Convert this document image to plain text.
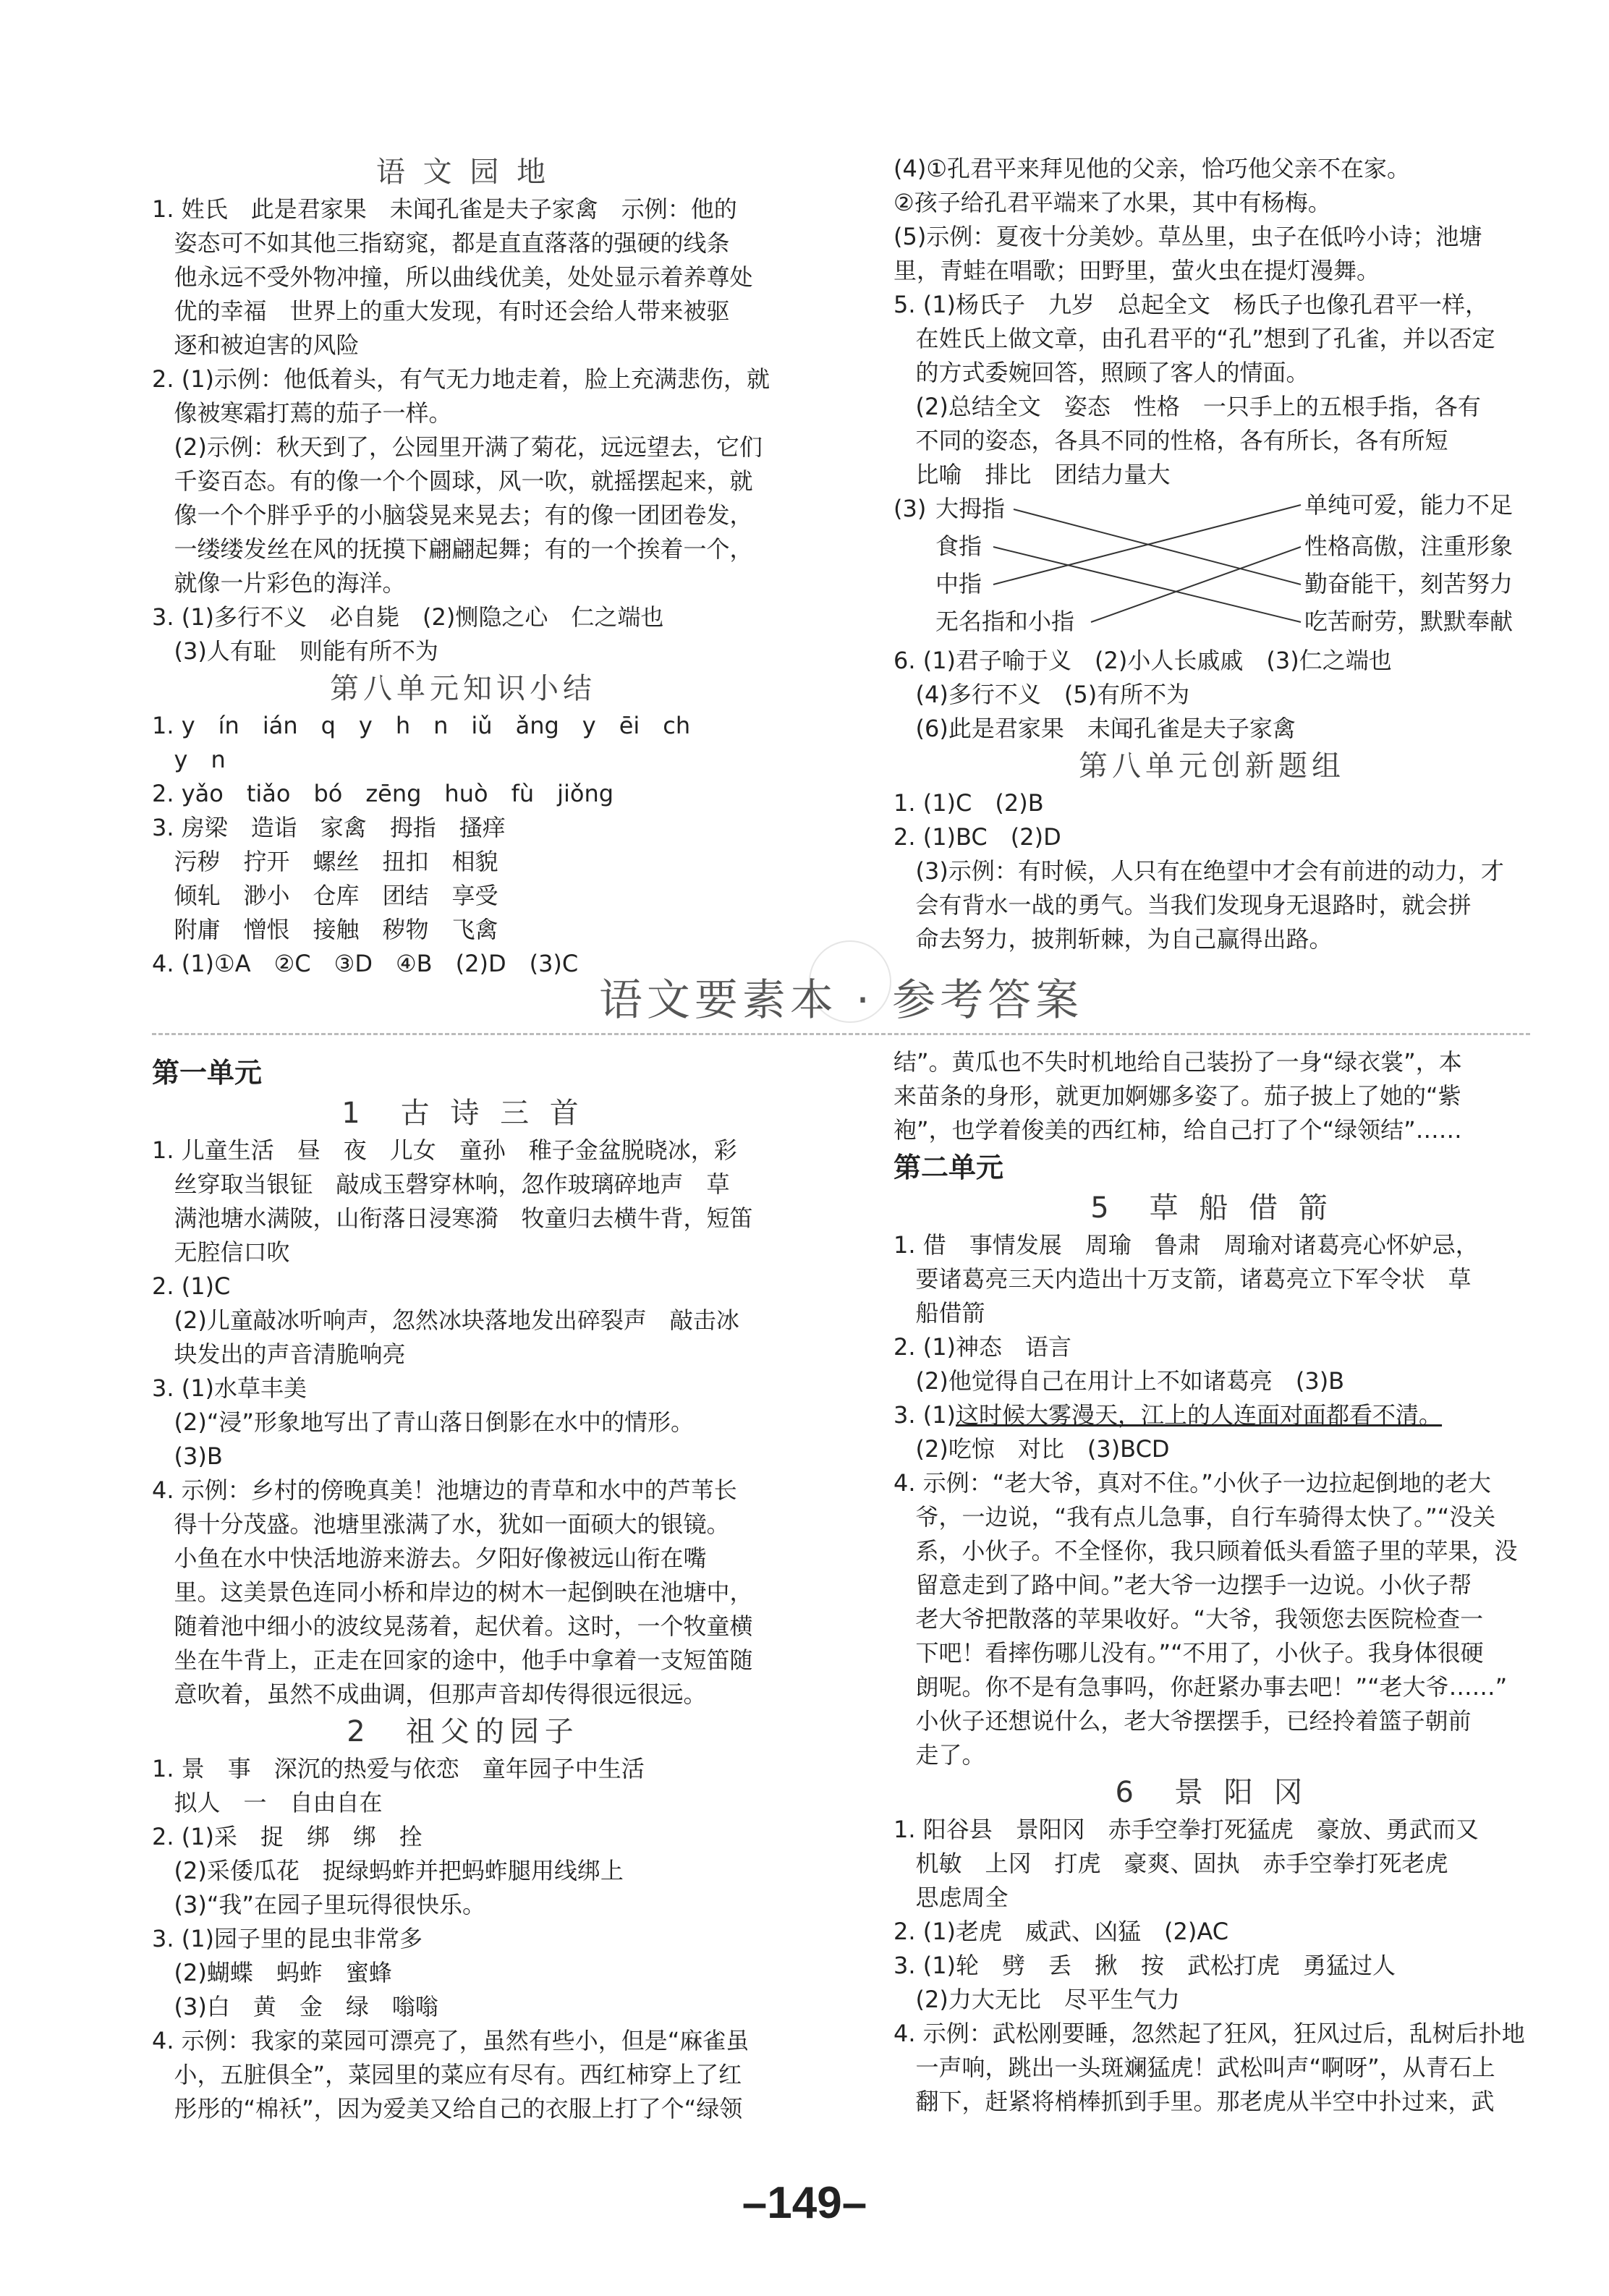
语 文 园 地

1. 姓氏　此是君家果　未闻孔雀是夫子家禽　示例：他的

姿态可不如其他三指窈窕，都是直直落落的强硬的线条

他永远不受外物冲撞，所以曲线优美，处处显示着养尊处

优的幸福　世界上的重大发现，有时还会给人带来被驱

逐和被迫害的风险

2. (1)示例：他低着头，有气无力地走着，脸上充满悲伤，就

像被寒霜打蔫的茄子一样。

(2)示例：秋天到了，公园里开满了菊花，远远望去，它们

千姿百态。有的像一个个圆球，风一吹，就摇摆起来，就

像一个个胖乎乎的小脑袋晃来晃去；有的像一团团卷发，

一缕缕发丝在风的抚摸下翩翩起舞；有的一个挨着一个，

就像一片彩色的海洋。

3. (1)多行不义　必自毙　(2)恻隐之心　仁之端也

(3)人有耻　则能有所不为

第八单元知识小结

1. y　ín　ián　q　y　h　n　iǔ　ǎng　y　ēi　ch

y　n

2. yǎo　tiǎo　bó　zēng　huò　fù　jiǒng

3. 房梁　造诣　家禽　拇指　搔痒

污秽　拧开　螺丝　扭扣　相貌

倾轧　渺小　仓库　团结　享受

附庸　憎恨　接触　秽物　飞禽

4. (1)①A　②C　③D　④B　(2)D　(3)C

(4)①孔君平来拜见他的父亲，恰巧他父亲不在家。

②孩子给孔君平端来了水果，其中有杨梅。

(5)示例：夏夜十分美妙。草丛里，虫子在低吟小诗；池塘

里，青蛙在唱歌；田野里，萤火虫在提灯漫舞。

5. (1)杨氏子　九岁　总起全文　杨氏子也像孔君平一样，

在姓氏上做文章，由孔君平的“孔”想到了孔雀，并以否定

的方式委婉回答，照顾了客人的情面。

(2)总结全文　姿态　性格　一只手上的五根手指，各有

不同的姿态，各具不同的性格，各有所长，各有所短

比喻　排比　团结力量大

(3) 大拇指
食指
中指
无名指和小指
单纯可爱，能力不足
性格高傲，注重形象
勤奋能干，刻苦努力
吃苦耐劳，默默奉献

6. (1)君子喻于义　(2)小人长戚戚　(3)仁之端也

(4)多行不义　(5)有所不为

(6)此是君家果　未闻孔雀是夫子家禽

第八单元创新题组

1. (1)C　(2)B

2. (1)BC　(2)D

(3)示例：有时候，人只有在绝望中才会有前进的动力，才

会有背水一战的勇气。当我们发现身无退路时，就会拼

命去努力，披荆斩棘，为自己赢得出路。

语文要素本 · 参考答案
第一单元
1　古 诗 三 首

1. 儿童生活　昼　夜　儿女　童孙　稚子金盆脱晓冰，彩

丝穿取当银钲　敲成玉磬穿林响，忽作玻璃碎地声　草

满池塘水满陂，山衔落日浸寒漪　牧童归去横牛背，短笛

无腔信口吹

2. (1)C

(2)儿童敲冰听响声，忽然冰块落地发出碎裂声　敲击冰

块发出的声音清脆响亮

3. (1)水草丰美

(2)“浸”形象地写出了青山落日倒影在水中的情形。

(3)B

4. 示例：乡村的傍晚真美！池塘边的青草和水中的芦苇长

得十分茂盛。池塘里涨满了水，犹如一面硕大的银镜。

小鱼在水中快活地游来游去。夕阳好像被远山衔在嘴

里。这美景色连同小桥和岸边的树木一起倒映在池塘中，

随着池中细小的波纹晃荡着，起伏着。这时，一个牧童横

坐在牛背上，正走在回家的途中，他手中拿着一支短笛随

意吹着，虽然不成曲调，但那声音却传得很远很远。

2　祖父的园子

1. 景　事　深沉的热爱与依恋　童年园子中生活

拟人　一　自由自在

2. (1)采　捉　绑　绑　拴

(2)采倭瓜花　捉绿蚂蚱并把蚂蚱腿用线绑上

(3)“我”在园子里玩得很快乐。

3. (1)园子里的昆虫非常多

(2)蝴蝶　蚂蚱　蜜蜂

(3)白　黄　金　绿　嗡嗡

4. 示例：我家的菜园可漂亮了，虽然有些小，但是“麻雀虽

小，五脏俱全”，菜园里的菜应有尽有。西红柿穿上了红

彤彤的“棉袄”，因为爱美又给自己的衣服上打了个“绿领

结”。黄瓜也不失时机地给自己装扮了一身“绿衣裳”，本

来苗条的身形，就更加婀娜多姿了。茄子披上了她的“紫

袍”，也学着俊美的西红柿，给自己打了个“绿领结”……

第二单元
5　草 船 借 箭

1. 借　事情发展　周瑜　鲁肃　周瑜对诸葛亮心怀妒忌，

要诸葛亮三天内造出十万支箭，诸葛亮立下军令状　草

船借箭

2. (1)神态　语言

(2)他觉得自己在用计上不如诸葛亮　(3)B

3. (1)这时候大雾漫天，江上的人连面对面都看不清。

(2)吃惊　对比　(3)BCD

4. 示例：“老大爷，真对不住。”小伙子一边拉起倒地的老大

爷，一边说，“我有点儿急事，自行车骑得太快了。”“没关

系，小伙子。不全怪你，我只顾着低头看篮子里的苹果，没

留意走到了路中间。”老大爷一边摆手一边说。小伙子帮

老大爷把散落的苹果收好。“大爷，我领您去医院检查一

下吧！看摔伤哪儿没有。”“不用了，小伙子。我身体很硬

朗呢。你不是有急事吗，你赶紧办事去吧！”“老大爷……”

小伙子还想说什么，老大爷摆摆手，已经拎着篮子朝前

走了。

6　景 阳 冈

1. 阳谷县　景阳冈　赤手空拳打死猛虎　豪放、勇武而又

机敏　上冈　打虎　豪爽、固执　赤手空拳打死老虎

思虑周全

2. (1)老虎　威武、凶猛　(2)AC

3. (1)轮　劈　丢　揪　按　武松打虎　勇猛过人

(2)力大无比　尽平生气力

4. 示例：武松刚要睡，忽然起了狂风，狂风过后，乱树后扑地

一声响，跳出一头斑斓猛虎！武松叫声“啊呀”，从青石上

翻下，赶紧将梢棒抓到手里。那老虎从半空中扑过来，武

–149–
